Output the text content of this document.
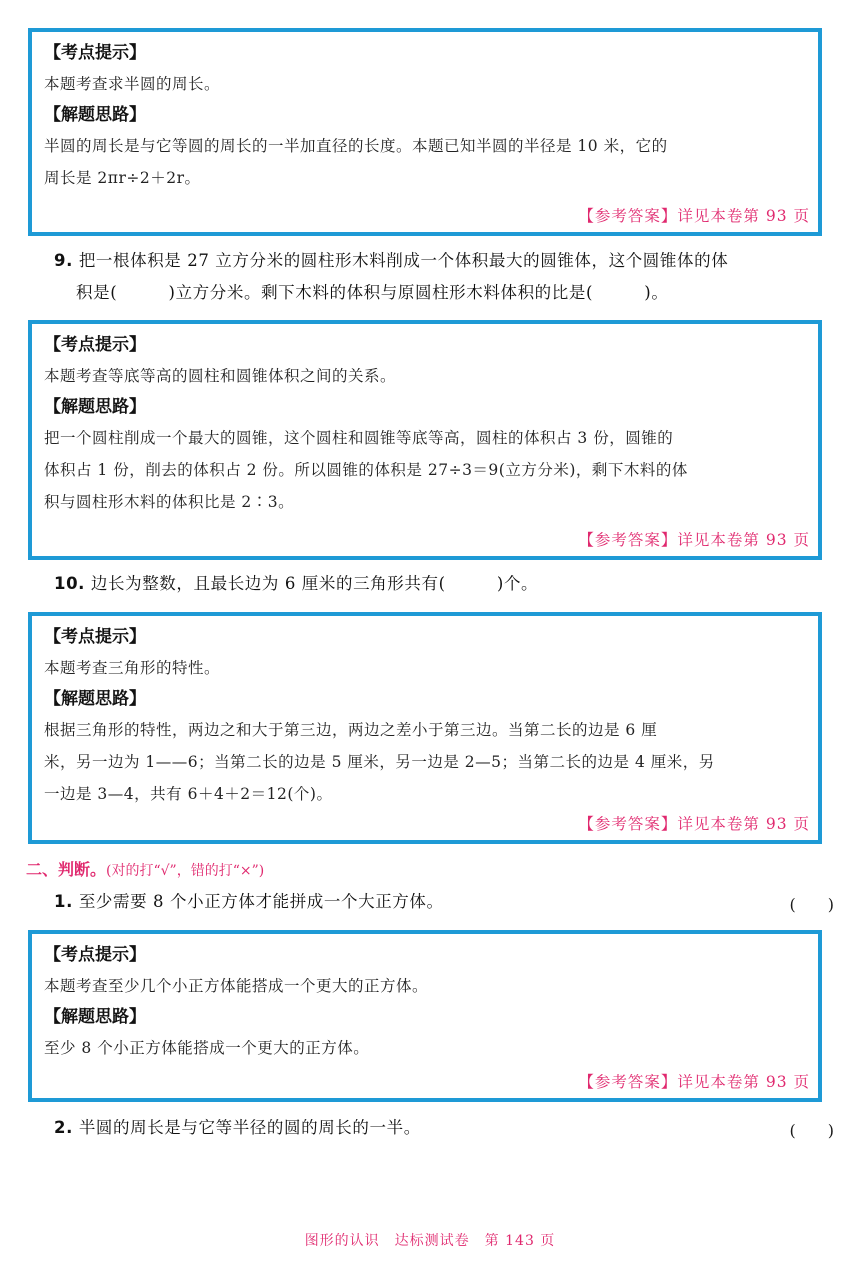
【考点提示】
本题考查求半圆的周长。
【解题思路】
半圆的周长是与它等圆的周长的一半加直径的长度。本题已知半圆的半径是 10 米，它的
周长是 2πr÷2＋2r。
【参考答案】详见本卷第 93 页
9. 把一根体积是 27 立方分米的圆柱形木料削成一个体积最大的圆锥体，这个圆锥体的体
积是(　　　)立方分米。剩下木料的体积与原圆柱形木料体积的比是(　　　)。
【考点提示】
本题考查等底等高的圆柱和圆锥体积之间的关系。
【解题思路】
把一个圆柱削成一个最大的圆锥，这个圆柱和圆锥等底等高，圆柱的体积占 3 份，圆锥的
体积占 1 份，削去的体积占 2 份。所以圆锥的体积是 27÷3＝9(立方分米)，剩下木料的体
积与圆柱形木料的体积比是 2∶3。
【参考答案】详见本卷第 93 页
10. 边长为整数，且最长边为 6 厘米的三角形共有(　　　)个。
【考点提示】
本题考查三角形的特性。
【解题思路】
根据三角形的特性，两边之和大于第三边，两边之差小于第三边。当第二长的边是 6 厘
米，另一边为 1——6；当第二长的边是 5 厘米，另一边是 2—5；当第二长的边是 4 厘米，另
一边是 3—4，共有 6＋4＋2＝12(个)。
【参考答案】详见本卷第 93 页
二、判断。(对的打“√”，错的打“×”)
1. 至少需要 8 个小正方体才能拼成一个大正方体。	(　　)
【考点提示】
本题考查至少几个小正方体能搭成一个更大的正方体。
【解题思路】
至少 8 个小正方体能搭成一个更大的正方体。
【参考答案】详见本卷第 93 页
2. 半圆的周长是与它等半径的圆的周长的一半。	(　　)
图形的认识　达标测试卷　第 143 页
